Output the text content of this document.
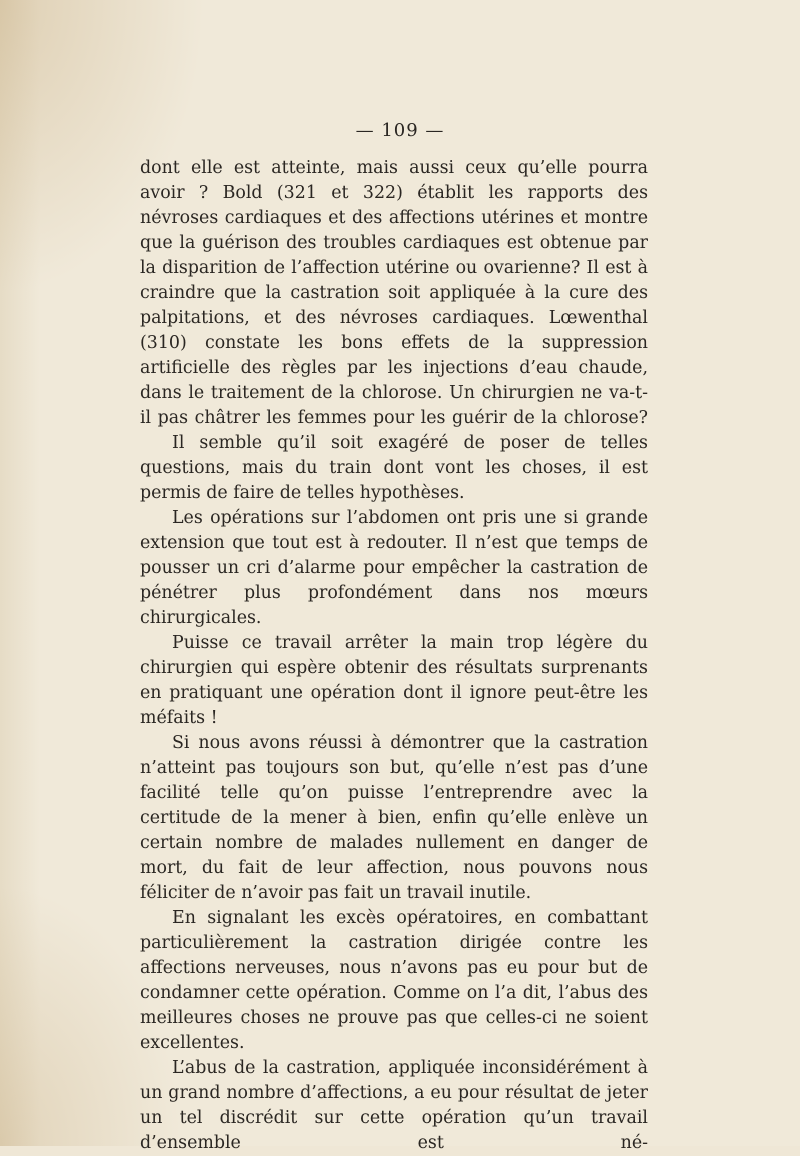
— 109 —

dont elle est atteinte, mais aussi ceux qu’elle pourra avoir ? Bold (321 et 322) établit les rapports des névroses cardiaques et des affections utérines et montre que la guérison des troubles cardiaques est obtenue par la disparition de l’affection utérine ou ovarienne? Il est à craindre que la castration soit appliquée à la cure des palpitations, et des névroses cardiaques. Lœwenthal (310) constate les bons effets de la suppression artificielle des règles par les injections d’eau chaude, dans le traitement de la chlorose. Un chirurgien ne va-t-il pas châtrer les femmes pour les guérir de la chlorose?

Il semble qu’il soit exagéré de poser de telles questions, mais du train dont vont les choses, il est permis de faire de telles hypothèses.

Les opérations sur l’abdomen ont pris une si grande extension que tout est à redouter. Il n’est que temps de pousser un cri d’alarme pour empêcher la castration de pénétrer plus profondément dans nos mœurs chirurgicales.

Puisse ce travail arrêter la main trop légère du chirurgien qui espère obtenir des résultats surprenants en pratiquant une opération dont il ignore peut-être les méfaits !

Si nous avons réussi à démontrer que la castration n’atteint pas toujours son but, qu’elle n’est pas d’une facilité telle qu’on puisse l’entreprendre avec la certitude de la mener à bien, enfin qu’elle enlève un certain nombre de malades nullement en danger de mort, du fait de leur affection, nous pouvons nous féliciter de n’avoir pas fait un travail inutile.

En signalant les excès opératoires, en combattant particulièrement la castration dirigée contre les affections nerveuses, nous n’avons pas eu pour but de condamner cette opération. Comme on l’a dit, l’abus des meilleures choses ne prouve pas que celles-ci ne soient excellentes.

L’abus de la castration, appliquée inconsidérément à un grand nombre d’affections, a eu pour résultat de jeter un tel discrédit sur cette opération qu’un travail d’ensemble est né-
